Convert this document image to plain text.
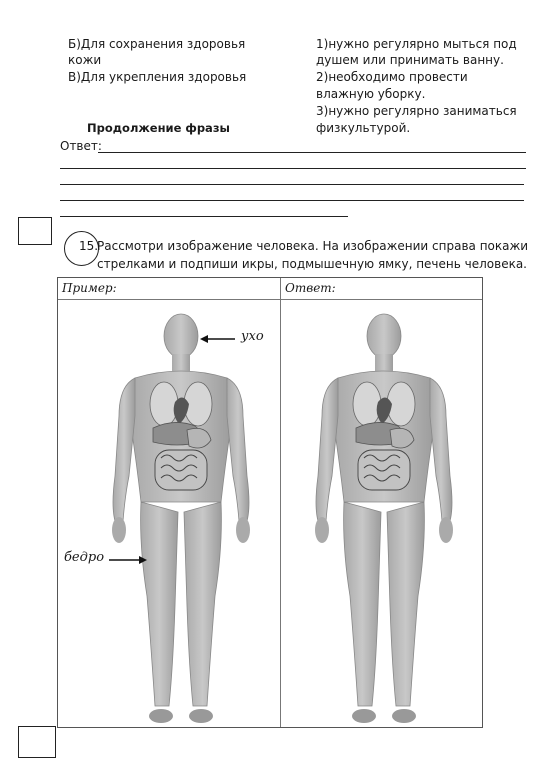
Б)Для сохранения здоровья
кожи
В)Для укрепления здоровья
1)нужно регулярно мыться под
душем или принимать ванну.
2)необходимо провести
влажную уборку.
3)нужно регулярно заниматься
физкультурой.
Продолжение фразы
Ответ:
15.
Рассмотри изображение человека. На изображении справа покажи
стрелками и подпиши икры, подмышечную ямку, печень человека.
Пример:	Ответ:
ухо
бедро
